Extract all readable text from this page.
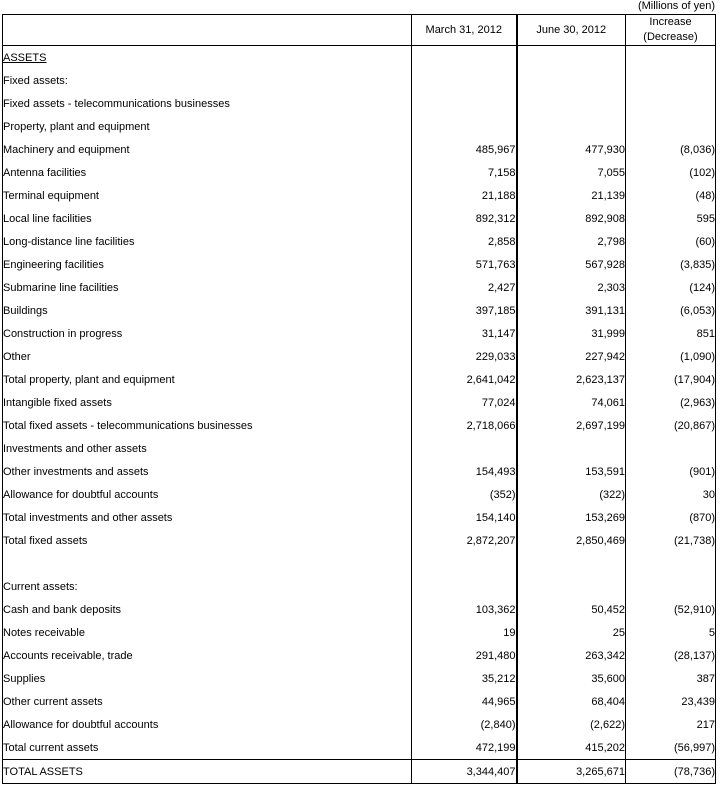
(Millions of yen)
	March 31, 2012	June 30, 2012	Increase
(Decrease)
ASSETS			
Fixed assets:			
Fixed assets - telecommunications businesses			
Property, plant and equipment			
Machinery and equipment	485,967	477,930	(8,036)
Antenna facilities	7,158	7,055	(102)
Terminal equipment	21,188	21,139	(48)
Local line facilities	892,312	892,908	595
Long-distance line facilities	2,858	2,798	(60)
Engineering facilities	571,763	567,928	(3,835)
Submarine line facilities	2,427	2,303	(124)
Buildings	397,185	391,131	(6,053)
Construction in progress	31,147	31,999	851
Other	229,033	227,942	(1,090)
Total property, plant and equipment	2,641,042	2,623,137	(17,904)
Intangible fixed assets	77,024	74,061	(2,963)
Total fixed assets - telecommunications businesses	2,718,066	2,697,199	(20,867)
Investments and other assets			
Other investments and assets	154,493	153,591	(901)
Allowance for doubtful accounts	(352)	(322)	30
Total investments and other assets	154,140	153,269	(870)
Total fixed assets	2,872,207	2,850,469	(21,738)

Current assets:			
Cash and bank deposits	103,362	50,452	(52,910)
Notes receivable	19	25	5
Accounts receivable, trade	291,480	263,342	(28,137)
Supplies	35,212	35,600	387
Other current assets	44,965	68,404	23,439
Allowance for doubtful accounts	(2,840)	(2,622)	217
Total current assets	472,199	415,202	(56,997)
TOTAL ASSETS	3,344,407	3,265,671	(78,736)
